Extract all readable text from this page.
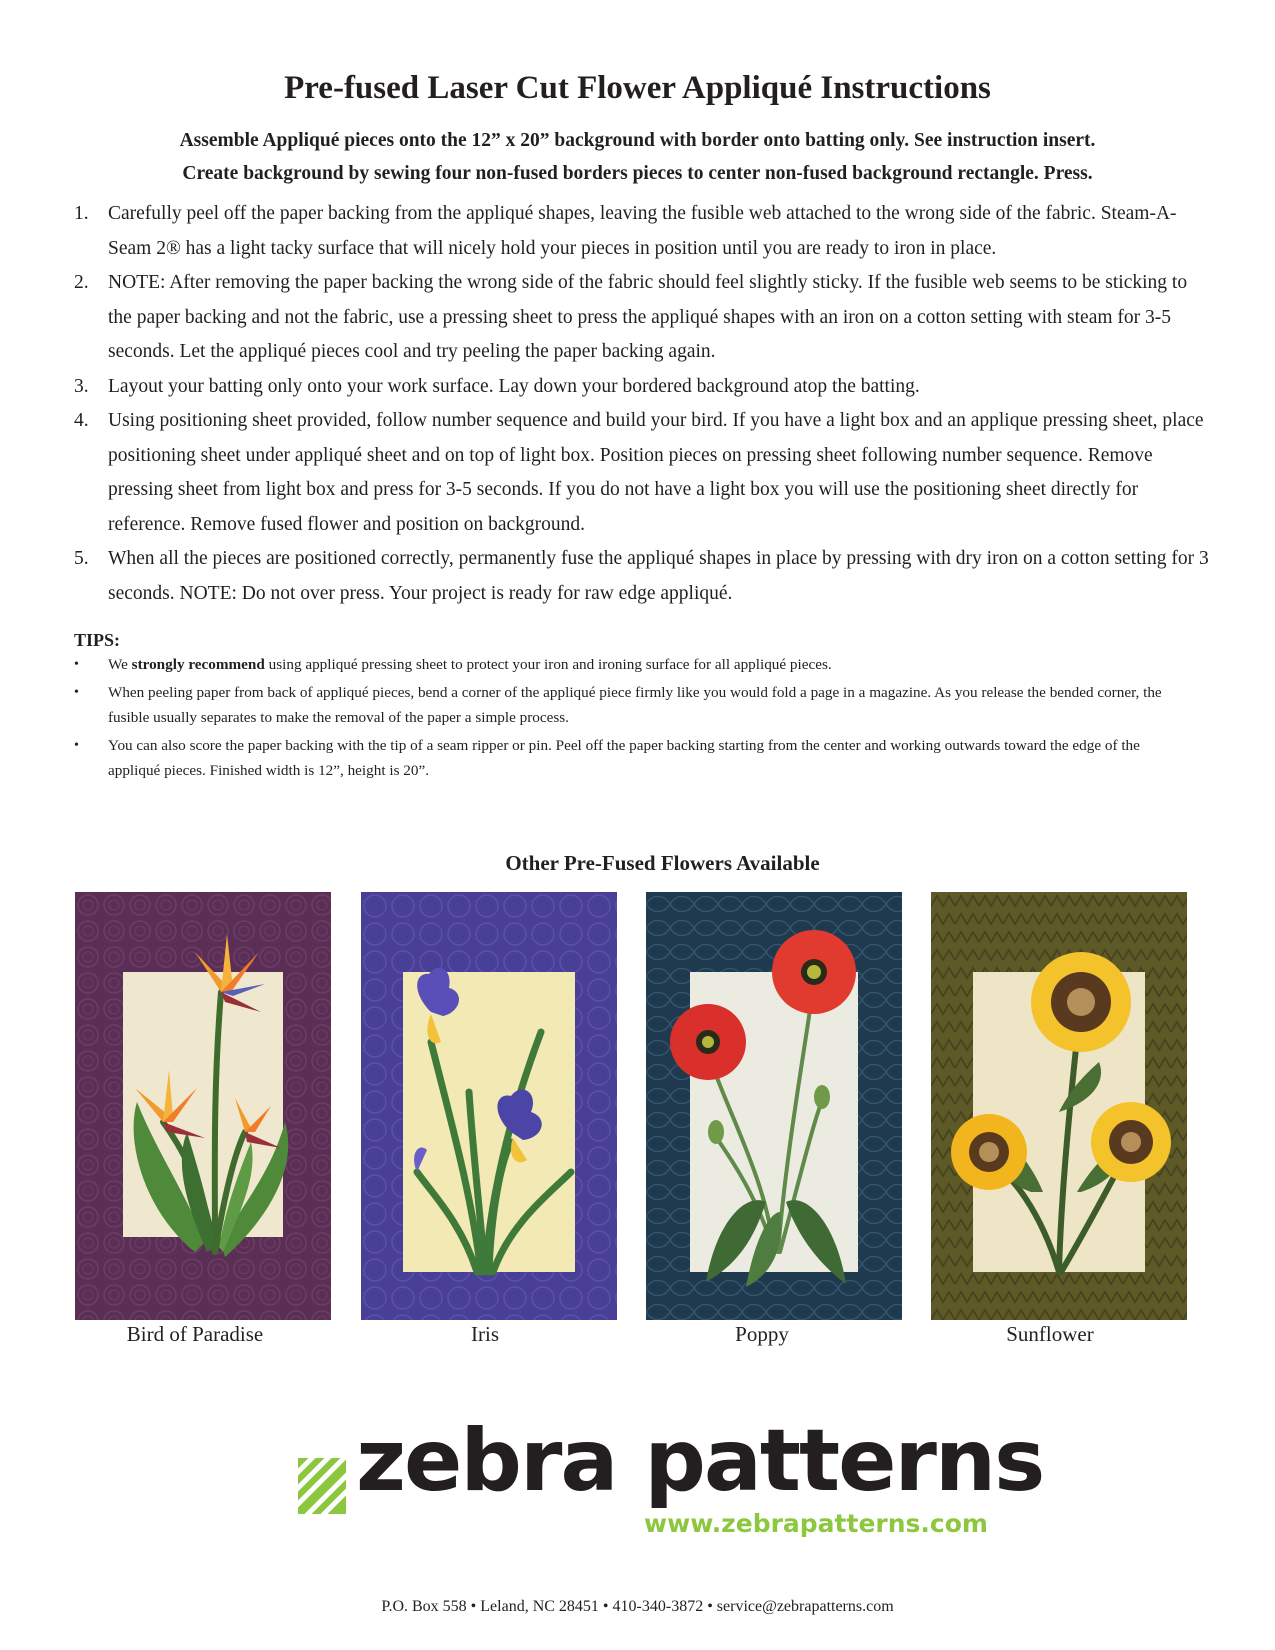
Pre-fused Laser Cut Flower Appliqué Instructions
Assemble Appliqué pieces onto the 12” x 20” background with border onto batting only. See instruction insert.
Create background by sewing four non-fused borders pieces to center non-fused background rectangle. Press.
1. Carefully peel off the paper backing from the appliqué shapes, leaving the fusible web attached to the wrong side of the fabric. Steam-A-Seam 2® has a light tacky surface that will nicely hold your pieces in position until you are ready to iron in place.
2. NOTE: After removing the paper backing the wrong side of the fabric should feel slightly sticky. If the fusible web seems to be sticking to the paper backing and not the fabric, use a pressing sheet to press the appliqué shapes with an iron on a cotton setting with steam for 3-5 seconds. Let the appliqué pieces cool and try peeling the paper backing again.
3. Layout your batting only onto your work surface. Lay down your bordered background atop the batting.
4. Using positioning sheet provided, follow number sequence and build your bird. If you have a light box and an applique pressing sheet, place positioning sheet under appliqué sheet and on top of light box. Position pieces on pressing sheet following number sequence. Remove pressing sheet from light box and press for 3-5 seconds. If you do not have a light box you will use the positioning sheet directly for reference. Remove fused flower and position on background.
5. When all the pieces are positioned correctly, permanently fuse the appliqué shapes in place by pressing with dry iron on a cotton setting for 3 seconds. NOTE: Do not over press. Your project is ready for raw edge appliqué.
TIPS:
• We strongly recommend using appliqué pressing sheet to protect your iron and ironing surface for all appliqué pieces.
• When peeling paper from back of appliqué pieces, bend a corner of the appliqué piece firmly like you would fold a page in a magazine. As you release the bended corner, the fusible usually separates to make the removal of the paper a simple process.
• You can also score the paper backing with the tip of a seam ripper or pin. Peel off the paper backing starting from the center and working outwards toward the edge of the appliqué pieces. Finished width is 12”, height is 20”.
Other Pre-Fused Flowers Available
Bird of Paradise	Iris	Poppy	Sunflower
zebra patterns
www.zebrapatterns.com
P.O. Box 558 • Leland, NC 28451 • 410-340-3872 • service@zebrapatterns.com
